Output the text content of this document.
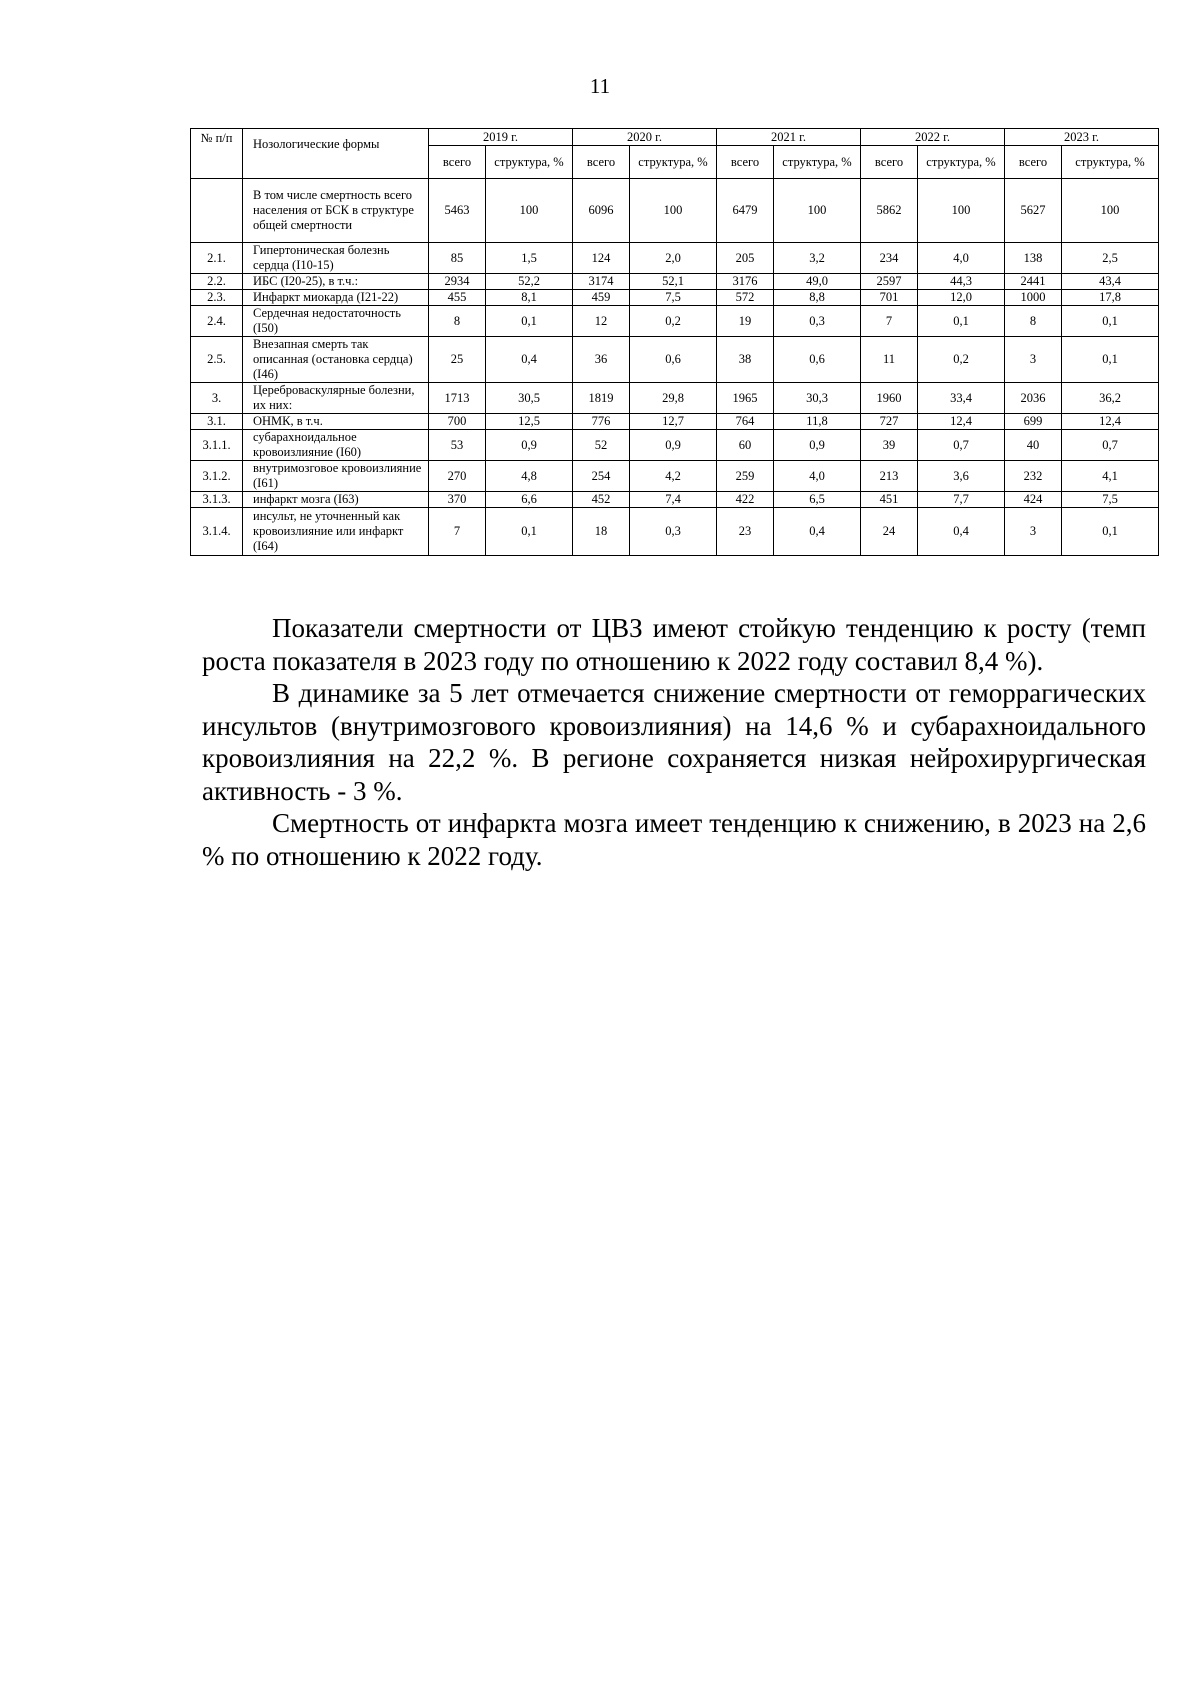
11
№ п/п	Нозологические формы	2019 г.		2020 г.		2021 г.		2022 г.		2023 г.	
		всего	структура, %	всего	структура, %	всего	структура, %	всего	структура, %	всего	структура, %
	В том числе смертность всего населения от БСК в структуре общей смертности	5463	100	6096	100	6479	100	5862	100	5627	100
2.1.	Гипертоническая болезнь сердца (I10-15)	85	1,5	124	2,0	205	3,2	234	4,0	138	2,5
2.2.	ИБС (I20-25), в т.ч.:	2934	52,2	3174	52,1	3176	49,0	2597	44,3	2441	43,4
2.3.	Инфаркт миокарда (I21-22)	455	8,1	459	7,5	572	8,8	701	12,0	1000	17,8
2.4.	Сердечная недостаточность (I50)	8	0,1	12	0,2	19	0,3	7	0,1	8	0,1
2.5.	Внезапная смерть так описанная (остановка сердца) (I46)	25	0,4	36	0,6	38	0,6	11	0,2	3	0,1
3.	Цереброваскулярные болезни, их них:	1713	30,5	1819	29,8	1965	30,3	1960	33,4	2036	36,2
3.1.	ОНМК, в т.ч.	700	12,5	776	12,7	764	11,8	727	12,4	699	12,4
3.1.1.	субарахноидальное кровоизлияние (I60)	53	0,9	52	0,9	60	0,9	39	0,7	40	0,7
3.1.2.	внутримозговое кровоизлияние (I61)	270	4,8	254	4,2	259	4,0	213	3,6	232	4,1
3.1.3.	инфаркт мозга (I63)	370	6,6	452	7,4	422	6,5	451	7,7	424	7,5
3.1.4.	инсульт, не уточненный как кровоизлияние или инфаркт (I64)	7	0,1	18	0,3	23	0,4	24	0,4	3	0,1

Показатели смертности от ЦВЗ имеют стойкую тенденцию к росту (темп роста показателя в 2023 году по отношению к 2022 году составил 8,4 %).

В динамике за 5 лет отмечается снижение смертности от геморрагических инсультов (внутримозгового кровоизлияния) на 14,6 % и субарахноидального кровоизлияния на 22,2 %. В регионе сохраняется низкая нейрохирургическая активность - 3 %.

Смертность от инфаркта мозга имеет тенденцию к снижению, в 2023 на 2,6 % по отношению к 2022 году.
